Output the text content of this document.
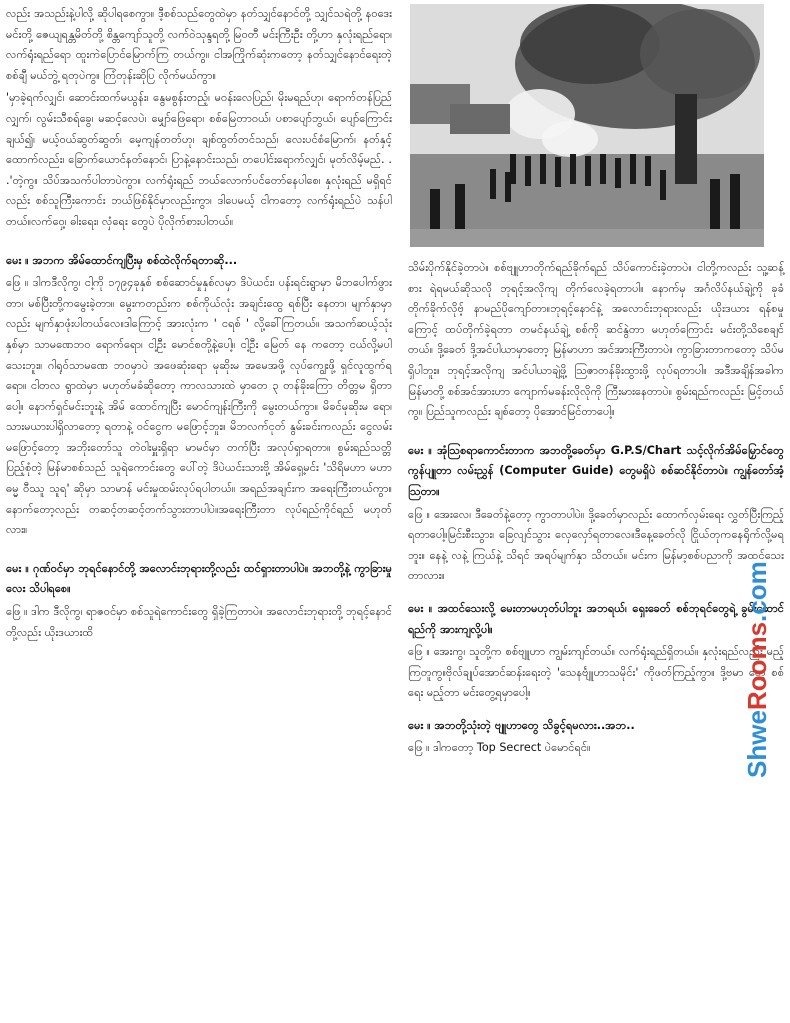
လည်း အသည်းနဲ့ပါလို့ ဆိုပါရစေကွာ။ ဒီ့စစ်သည်တွေထဲမှာ နတ်သျှင်နောင်တို့ သျှင်သရဲတို့ နဝဒေးမင်းတို့ ဇေယျရန္တမိတ်တို့ စိန္တကျော်သူတို့ လက်ဝဲသုန္ဒရတို့ မြဝတီ မင်းကြီးဦး တို့ဟာ နှလုံးရည်ရော၊ လက်ရုံးရည်ရော ထူးကဲပြောင်မြောက်ကြ တယ်ကွ။ ငါအကြိုက်ဆုံးကတော့ နတ်သျှင်နောင်ရေးတဲ့စစ်ချီ မယ်ဘွဲ့ ရတုပဲကွ။ ကြံတုန်းဆိုပြ လိုက်မယ်ကွာ။

'မှာခဲ့ရက်လျှင်၊ ဆောင်းထက်မယွန်း၊ နွေမစွန်းတည့်၊ မဝန်းလေပြည်၊ မိုးမရည်ဟု၊ ရောက်တန်ပြည်လျှက်၊ လွမ်းသီစရ်ခွေ၊ မဆင့်လေပဲ၊ မျှော်ဖြေရော၊ စစ်မြေတာဝယ်၊ ပစာပျော်ဘွယ်၊ ပျော်ကြောင်းချယ်၍၊ မယ့်ဝယ်ဆွတ်ဆွတ်၊ မေ့ကျန်တတ်ဟု၊ ချစ်ထွတ်တင်သည်၊ လေးပင်စံမြောက်၊ နတ်နှင့်ထောက်လည်း၊ ခြောက်ယောင်နတ်နောင်၊ ပြာနဲ့နောင်းသည်၊ တပေါင်းရောက်လျှင်၊ မုတ်လိမ့်မည်. . .'တဲ့ကွ။ သိပ်အသက်ပါတာပဲကွာ။ လက်ရုံးရည် ဘယ်လောက်ပင်တော်နေပါစေ၊ နှလုံးရည် မရှိရင်လည်း စစ်သူကြီးကောင်း ဘယ်ဖြစ်နိုင်မှာလည်းကွာ၊ ဒါပေမယ့် ငါကတော့ လက်ရုံးရည်ပဲ သန်ပါတယ်။လက်ဝှေ့၊ ဓါးရေး၊ လှံရေး တွေပဲ ပိုလိုက်စားပါတယ်။

မေး ။ အဘက အိမ်ထောင်ကျပြီးမှ စစ်ထဲလိုက်ရတာဆို...

ဖြေ ။ ဒါကဒီလိုကွ၊ ငါ့ကို ၁၇၉၄ခုနှစ် စစ်ဆောင်မှုနှစ်လမှာ ဒိပဲယင်း၊ ပန်းရင်းရွာမှာ မိဘပေါက်ဖွားတာ၊ မစ်ပြီးတို့ကမွေးခဲ့တာ။ မွေးကတည်းက စစ်ကိုယ်လုံး အချင်းထွေ ရစ်ပြီး နေတာ၊ မျက်နှာမှာလည်း မျက်နှာဖုံးပါတယ်လေ။ဒါကြောင့် အားလုံးက ' ငရစ် ' လို့ခေါ်ကြတယ်။ အသက်ဆယ့်သုံးနှစ်မှာ သာမဏေဘဝ ရောက်ရော၊ ငါ့ဦး မောင်စတို့နဲ့ပေါ့။ ငါ့ဦး မြေတ် နေ ကတော့ ငယ်လို့မပါသေးဘူး။ ဂါရုဝ်သာမဏေ ဘဝမှာပဲ အဖေဆုံးရော မုဆိုးမ အမေအဖို့ လုပ်ကျွေးဖို့ ရှင်လူထွက်ရ ရော။ ငါတလ ရွာထဲမှာ မဟုတ်မခံဆိုတော့ ကာလသားထဲ မှာတေ ၃ တန်ခိုးကြော တိတ္တမ ရှိတာပေါ့။ နောက်ရှင်မင်းဘူးနဲ့ အိမ် ထောင်ကျပြီး မောင်ကျန်းကြီးကို မွေးတယ်ကွာ။ မိခင်မုဆိုးမ ရော၊ သားမယားပါရှိလာတော့ ရတာနဲ့ ဝင်ငွေက မဖြောင့်ဘူး။ မိဘလက်ငုတ် နွမ်းခင်းကလည်း ငွေလမ်း မဖြောင့်တော့ အဘိုးတော်သူ တဲဝါးမှူးရှိရာ မာမင်မှာ တက်ပြီး အလုပ်ရှာရတာ။ စွမ်းရည်သတ္တိ ပြည့်စုံတဲ့ မြန်မာစစ်သည် သူရဲကောင်းတွေ ပေါ်တဲ့ ဒိပဲယင်းသားဗို့ အိမ်ရှေ့မင်း 'သိရိမဟာ မဟာဓမ္မ ဝီဿူ သူရ' ဆိုမှာ သာမာန် မင်းမှုထမ်းလုပ်ရပါတယ်။ အရည်အချင်းက အရေးကြီးတယ်ကွာ။ နောက်တော့လည်း တဆင့်တဆင့်တက်သွားတာပါပဲ။အရေးကြီးတာ လုပ်ရည်ကိုင်ရည် မဟုတ်လား။

မေး ။ ဂုဏ်ဝင်မှာ ဘုရင်နောင်တို့ အလောင်းဘုရားတို့လည်း ထင်ရှားတာပါပဲ။ အဘတို့နဲ့ ကွာခြားမှုလေး သိပါရစေ။

ဖြေ ။ ဒါက ဒီလိုကွ၊ ရာဇဝင်မှာ စစ်သူရဲကောင်းတွေ ရှိခဲ့ကြတာပဲ။ အလောင်းဘုရားတို့ ဘုရင့်နောင်တို့လည်း ယိုးဒယားထိ

သိမ်းပိုက်နိုင်ခဲ့တာပဲ။ စစ်ဗျူဟာတိုက်ရည်ခိုက်ရည် သိပ်ကောင်းခဲ့တာပဲ။ ငါတို့ကလည်း သူ့ဆန့်စား ရဲရမယ်ဆိုသလို ဘုရင့်အလိုကျ တိုက်လေခဲ့ရတာပါ။ နောက်မှ အင်္ဂလိပ်နယ်ချဲ့ကို ခုခံတိုက်ခိုက်လိုဗ့် နာမည်ပိုကျော်တာ။ဘုရင့်နောင်နဲ့ အလောင်းဘုရားလည်း ယိုးဒယား ရန်စမှုကြောင့် ထပ်တိုက်ခဲ့ရတာ တမင်နယ်ချဲ့ စစ်ကို ဆင်နွဲတာ မဟုတ်ကြောင်း မင်းတို့သိစေချင်တယ်။ ဒို့ခေတ် ဒို့အင်ပါယာမှာတော့ မြန်မာဟာ အင်အားကြီးတာပဲ။ ကွာခြားတာကတော့ သိပ်မရှိပါဘူး။ ဘုရင့်အလိုကျ အင်ပါယာချဲ့ဖို့ ဩဇာတန်ခိုးထွားဖို့ လုပ်ရတာပါ။ အဒီအချိန်အခါက မြန်မာတို့ စစ်အင်အားဟာ ကျောက်မခန်းလိုလိုကို ကြီးမားနေတာပဲ။ စွမ်းရည်ကလည်း မြင့်တယ်ကွ။ ပြည်သူကလည်း ချစ်တော့ ပိုအောင်မြင်တာပေါ့။

မေး ။ အုံဩစရာကောင်းတာက အဘတို့ခေတ်မှာ G.P.S/Chart သင့်လိုက်အိမ်မြှောင်တွေ ကွန်ပျူတာ လမ်းညွှန် (Computer Guide) တွေမရှိပဲ စစ်ဆင်နိုင်တာပဲ။ ကျွန်တော်အံ့သြတာ။

ဖြေ ။ အေးလေ၊ ဒီခေတ်နဲ့တော့ ကွာတာပါပဲ။ ဒို့ခေတ်မှာလည်း ထောက်လှမ်းရေး လွှတ်ပြီးကြည့်ရတာပေါ့။မြင်းစီးသွား၊ ခြေလျင်သွား လှေလှော်ရတာလေ။ဒီနေ့ခေတ်လို ငြိုယ်တုကနေရိုက်လို့မရဘူး။ နေနဲ့ လနဲ့ ကြယ်နဲ့ သိရင် အရပ်မျက်နှာ သိတယ်။ မင်းက မြန်မာ့စစ်ပညာကို အထင်သေးတာလား။

မေး ။ အထင်သေးလို့ မေးတာမဟုတ်ပါဘူး အဘရယ်၊ ရှေးခေတ် စစ်ဘုရင်တွေရဲ့ ခွမ်းဆောင်ရည်ကို အားကျလို့ပါ။

ဖြေ ။ အေးကွ၊ သူတို့က စစ်ဗျူဟာ ကျွမ်းကျင်တယ်။ လက်ရုံးရည်ရှိတယ်။ နှလုံးရည်လည်း မည့်ကြတူကွ။ဗိုလ်ချုပ်အောင်ဆန်းရေးတဲ့ 'သေနင်္ဗျူဟာသမိုင်း' ကိုဖတ်ကြည့်ကွာ။ ဒို့ဗမာ တွေ စစ်ရေး မည့်တာ မင်းတွေ့ရမှာပေါ့။

မေး ။ အဘတို့သုံးတဲ့ ဗျူဟာတွေ သိခွင့်ရမလား..အဘ..

ဖြေ ။ ဒါကတော့ Top Secrect ပဲမောင်ရင်။	ShweRooms.com
